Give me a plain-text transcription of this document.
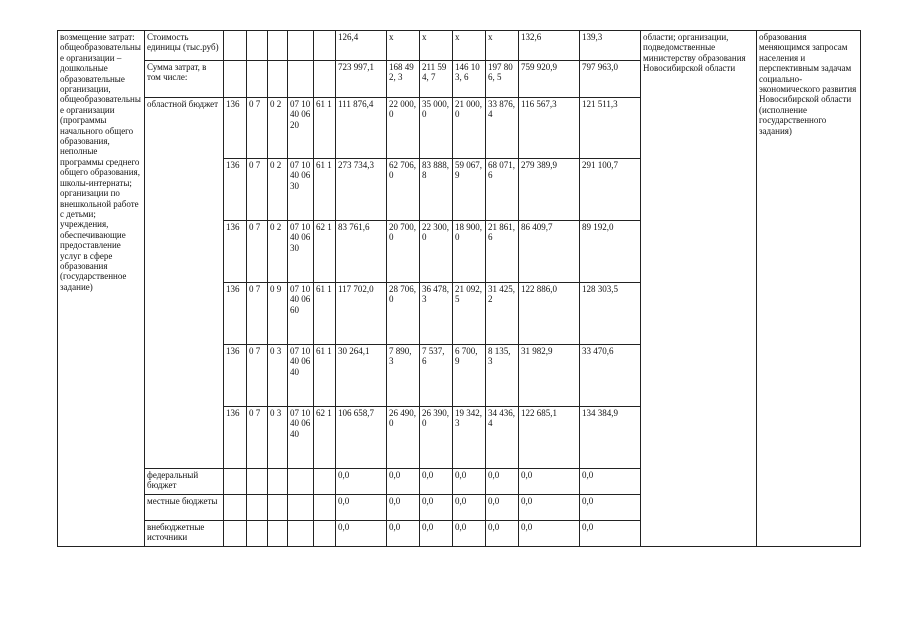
возмещение затрат: общеобразовательные организации – дошкольные образовательные организации, общеобразовательные организации (программы начального общего образования, неполные программы среднего общего образования, школы-интернаты; организации по внешкольной работе с детьми; учреждения, обеспечивающие предоставление услуг в сфере образования (государственное задание)	Стоимость единицы (тыс.руб)						126,4	х	х	х	х	132,6	139,3	области; организации, подведомственные министерству образования Новосибирской области	образования меняющимся запросам населения и перспективным задачам социально-экономического развития Новосибирской области (исполнение государственного задания)
	Сумма затрат, в том числе:						723 997,1	168 492, 3	211 594, 7	146 103, 6	197 806, 5	759 920,9	797 963,0		
	областной бюджет	136	0 7	0 2	07 10 40 06 20	61 1	111 876,4	22 000, 0	35 000, 0	21 000, 0	33 876, 4	116 567,3	121 511,3		
		136	0 7	0 2	07 10 40 06 30	61 1	273 734,3	62 706, 0	83 888, 8	59 067, 9	68 071, 6	279 389,9	291 100,7		
		136	0 7	0 2	07 10 40 06 30	62 1	83 761,6	20 700, 0	22 300, 0	18 900, 0	21 861, 6	86 409,7	89 192,0		
		136	0 7	0 9	07 10 40 06 60	61 1	117 702,0	28 706, 0	36 478, 3	21 092, 5	31 425, 2	122 886,0	128 303,5		
		136	0 7	0 3	07 10 40 06 40	61 1	30 264,1	7 890, 3	7 537, 6	6 700, 9	8 135, 3	31 982,9	33 470,6		
		136	0 7	0 3	07 10 40 06 40	62 1	106 658,7	26 490, 0	26 390, 0	19 342, 3	34 436, 4	122 685,1	134 384,9		
	федеральный бюджет						0,0	0,0	0,0	0,0	0,0	0,0	0,0		
	местные бюджеты						0,0	0,0	0,0	0,0	0,0	0,0	0,0		
	внебюджетные источники						0,0	0,0	0,0	0,0	0,0	0,0	0,0		
